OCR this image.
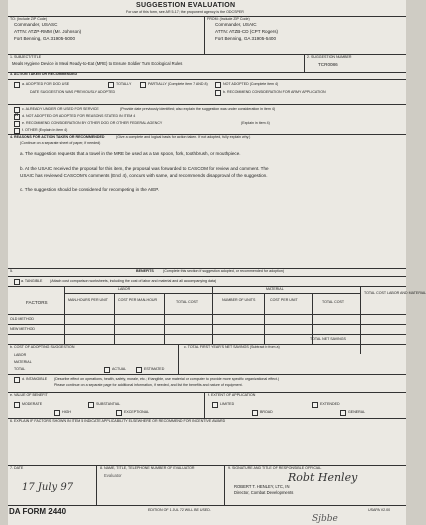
SUGGESTION EVALUATION
For use of this form, see AR 5-17; the proponent agency is the ODCSPER
TO: (Include ZIP Code)
Commander, USASC
ATTN: ATZP-RMM (Mr. Johnson)
Fort Benning, GA 31905-5000
FROM: (Include ZIP Code)
Commander, USAIC
ATTN: ATZB-CD (CPT Rogers)
Fort Benning, GA 31905-5400
1. SUBJECT/TITLE
Meals Hygiene Device in Meal Ready-to-Eat (MRE) to Ensure Soldier Turn Ecological Rules
2. SUGGESTION NUMBER
TCR0086
3. ACTION TAKEN OR RECOMMENDED
a. ADOPTED FOR DOD USE	TOTALLY	PARTIALLY (Complete item 7 AND 8)	NOT ADOPTED (Complete item 4)
DATE SUGGESTION WAS PREVIOUSLY ADOPTED	b. RECOMMEND CONSIDERATION FOR ARMY APPLICATION
c. ALREADY UNDER OR USED FOR SERVICE	(Provide date previously identified; also explain the suggestion was under consideration in item 4)
d. NOT ADOPTED OR ADOPTED FOR REASONS STATED IN ITEM 4
X
e. RECOMMEND CONSIDERATION BY OTHER DOD OR OTHER FEDERAL AGENCY	(Explain in item 4)
f. OTHER (Explain in item 4)
4. REASONS FOR ACTION TAKEN OR RECOMMENDED	(Give a complete and logical basis for action taken. If not adopted, fully explain why.)
(Continue on a separate sheet of paper, if needed)
a. The suggestion requests that a towel in the MRE be used as a tan spoon, fork, toothbrush, or mouthpiece.
b. At the USAIC received the proposal for this item, the proposal was forwarded to CASCOM for review and comment. The
USAIC has reviewed CASCOM's comments (Encl 4), concurs with same, and recommends disapproval of the suggestion.
c. The suggestion should be considered for recompeting in the AIEP.
5.	BENEFITS	(Complete this section if suggestion adopted, or recommended for adoption)
a. TANGIBLE (Attach cost comparison worksheets, including the cost of labor and material and all accompanying data)
LABOR	MATERIAL
FACTORS	MAN-HOURS PER UNIT	COST PER MAN-HOUR	TOTAL COST	NUMBER OF UNITS	COST PER UNIT	TOTAL COST
TOTAL COST LABOR AND MATERIAL
OLD METHOD
NEW METHOD
TOTAL NET SAVINGS
b. COST OF ADOPTING SUGGESTION
LABOR
MATERIAL
TOTAL
c. TOTAL FIRST YEAR'S NET SAVINGS (Subtract b from a)
ACTUAL	ESTIMATED
d. INTANGIBLE (Describe effect on operations, health, safety, morale, etc.; if tangible, use material or computer to provide more specific organizational effect.)
Please continue on a separate page for additional information, if needed, and list the benefits and nature of equipment.
e. VALUE OF BENEFIT
MODERATE	SUBSTANTIAL
HIGH	EXCEPTIONAL
f. EXTENT OF APPLICATION
LIMITED	EXTENDED
BROAD	GENERAL
6. EXPLAIN IF FACTORS SHOWN IN ITEM 5 INDICATE APPLICABILITY ELSEWHERE OR RECOMMEND FOR INCENTIVE AWARD
7. DATE
17 July 97
8. NAME, TITLE, TELEPHONE NUMBER OF EVALUATOR
Evaluator
9. SIGNATURE AND TITLE OF RESPONSIBLE OFFICIAL
Robt Henley
ROBERT T. HENLEY, LTC, IN
Director, Combat Developments
DA FORM 2440	EDITION OF 1 JUL 72 WILL BE USED.	USAPA V2.00
Sjbbe
